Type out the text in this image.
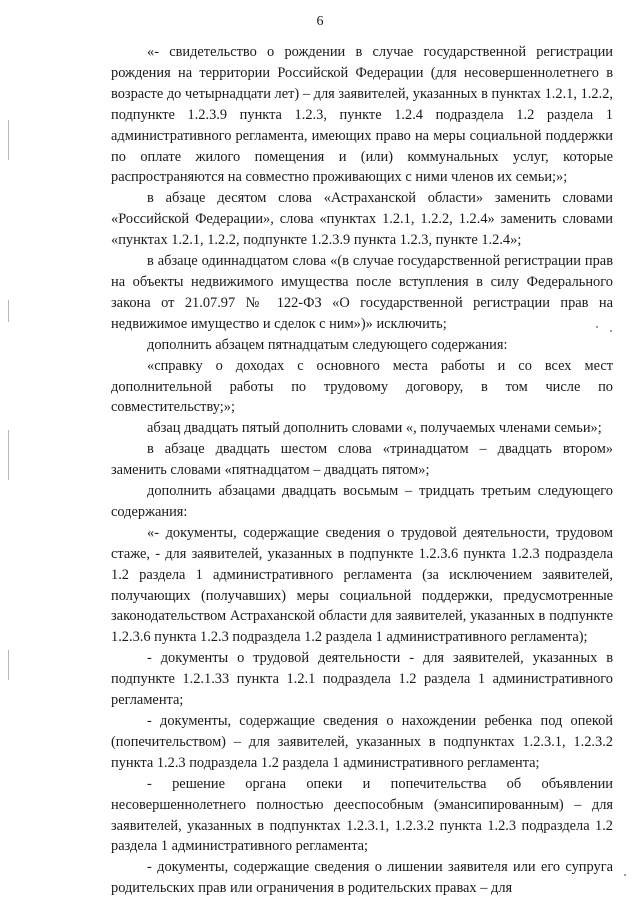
6

«- свидетельство о рождении в случае государственной регистрации рождения на территории Российской Федерации (для несовершеннолетнего в возрасте до четырнадцати лет) – для заявителей, указанных в пунктах 1.2.1, 1.2.2, подпункте 1.2.3.9 пункта 1.2.3, пункте 1.2.4 подраздела 1.2 раздела 1 административного регламента, имеющих право на меры социальной поддержки по оплате жилого помещения и (или) коммунальных услуг, которые распространяются на совместно проживающих с ними членов их семьи;»;

в абзаце десятом слова «Астраханской области» заменить словами «Российской Федерации», слова «пунктах 1.2.1, 1.2.2, 1.2.4» заменить словами «пунктах 1.2.1, 1.2.2, подпункте 1.2.3.9 пункта 1.2.3, пункте 1.2.4»;

в абзаце одиннадцатом слова «(в случае государственной регистрации прав на объекты недвижимого имущества после вступления в силу Федерального закона от 21.07.97 № 122-ФЗ «О государственной регистрации прав на недвижимое имущество и сделок с ним»)» исключить;

дополнить абзацем пятнадцатым следующего содержания:

«справку о доходах с основного места работы и со всех мест дополнительной работы по трудовому договору, в том числе по совместительству;»;

абзац двадцать пятый дополнить словами «, получаемых членами семьи»;

в абзаце двадцать шестом слова «тринадцатом – двадцать втором» заменить словами «пятнадцатом – двадцать пятом»;

дополнить абзацами двадцать восьмым – тридцать третьим следующего содержания:

«- документы, содержащие сведения о трудовой деятельности, трудовом стаже, - для заявителей, указанных в подпункте 1.2.3.6 пункта 1.2.3 подраздела 1.2 раздела 1 административного регламента (за исключением заявителей, получающих (получавших) меры социальной поддержки, предусмотренные законодательством Астраханской области для заявителей, указанных в подпункте 1.2.3.6 пункта 1.2.3 подраздела 1.2 раздела 1 административного регламента);

- документы о трудовой деятельности - для заявителей, указанных в подпункте 1.2.1.33 пункта 1.2.1 подраздела 1.2 раздела 1 административного регламента;

- документы, содержащие сведения о нахождении ребенка под опекой (попечительством) – для заявителей, указанных в подпунктах 1.2.3.1, 1.2.3.2 пункта 1.2.3 подраздела 1.2 раздела 1 административного регламента;

- решение органа опеки и попечительства об объявлении несовершеннолетнего полностью дееспособным (эмансипированным) – для заявителей, указанных в подпунктах 1.2.3.1, 1.2.3.2 пункта 1.2.3 подраздела 1.2 раздела 1 административного регламента;

- документы, содержащие сведения о лишении заявителя или его супруга родительских прав или ограничения в родительских правах – для
